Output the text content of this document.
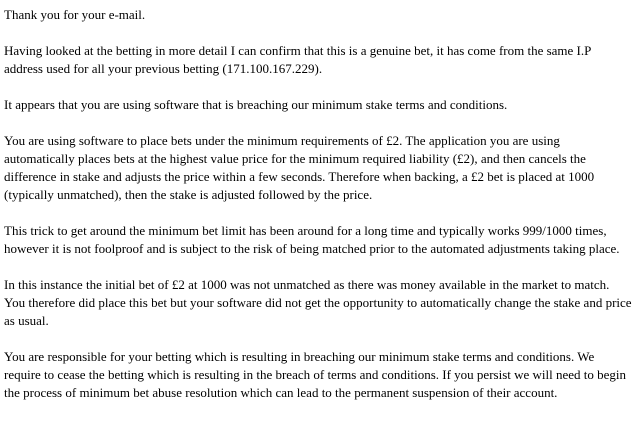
Thank you for your e-mail.

Having looked at the betting in more detail I can confirm that this is a genuine bet, it has come from the same I.P address used for all your previous betting (171.100.167.229).

It appears that you are using software that is breaching our minimum stake terms and conditions.

You are using software to place bets under the minimum requirements of £2. The application you are using automatically places bets at the highest value price for the minimum required liability (£2), and then cancels the difference in stake and adjusts the price within a few seconds. Therefore when backing, a £2 bet is placed at 1000 (typically unmatched), then the stake is adjusted followed by the price.

This trick to get around the minimum bet limit has been around for a long time and typically works 999/1000 times, however it is not foolproof and is subject to the risk of being matched prior to the automated adjustments taking place.

In this instance the initial bet of £2 at 1000 was not unmatched as there was money available in the market to match. You therefore did place this bet but your software did not get the opportunity to automatically change the stake and price as usual.

You are responsible for your betting which is resulting in breaching our minimum stake terms and conditions. We require to cease the betting which is resulting in the breach of terms and conditions. If you persist we will need to begin the process of minimum bet abuse resolution which can lead to the permanent suspension of their account.
